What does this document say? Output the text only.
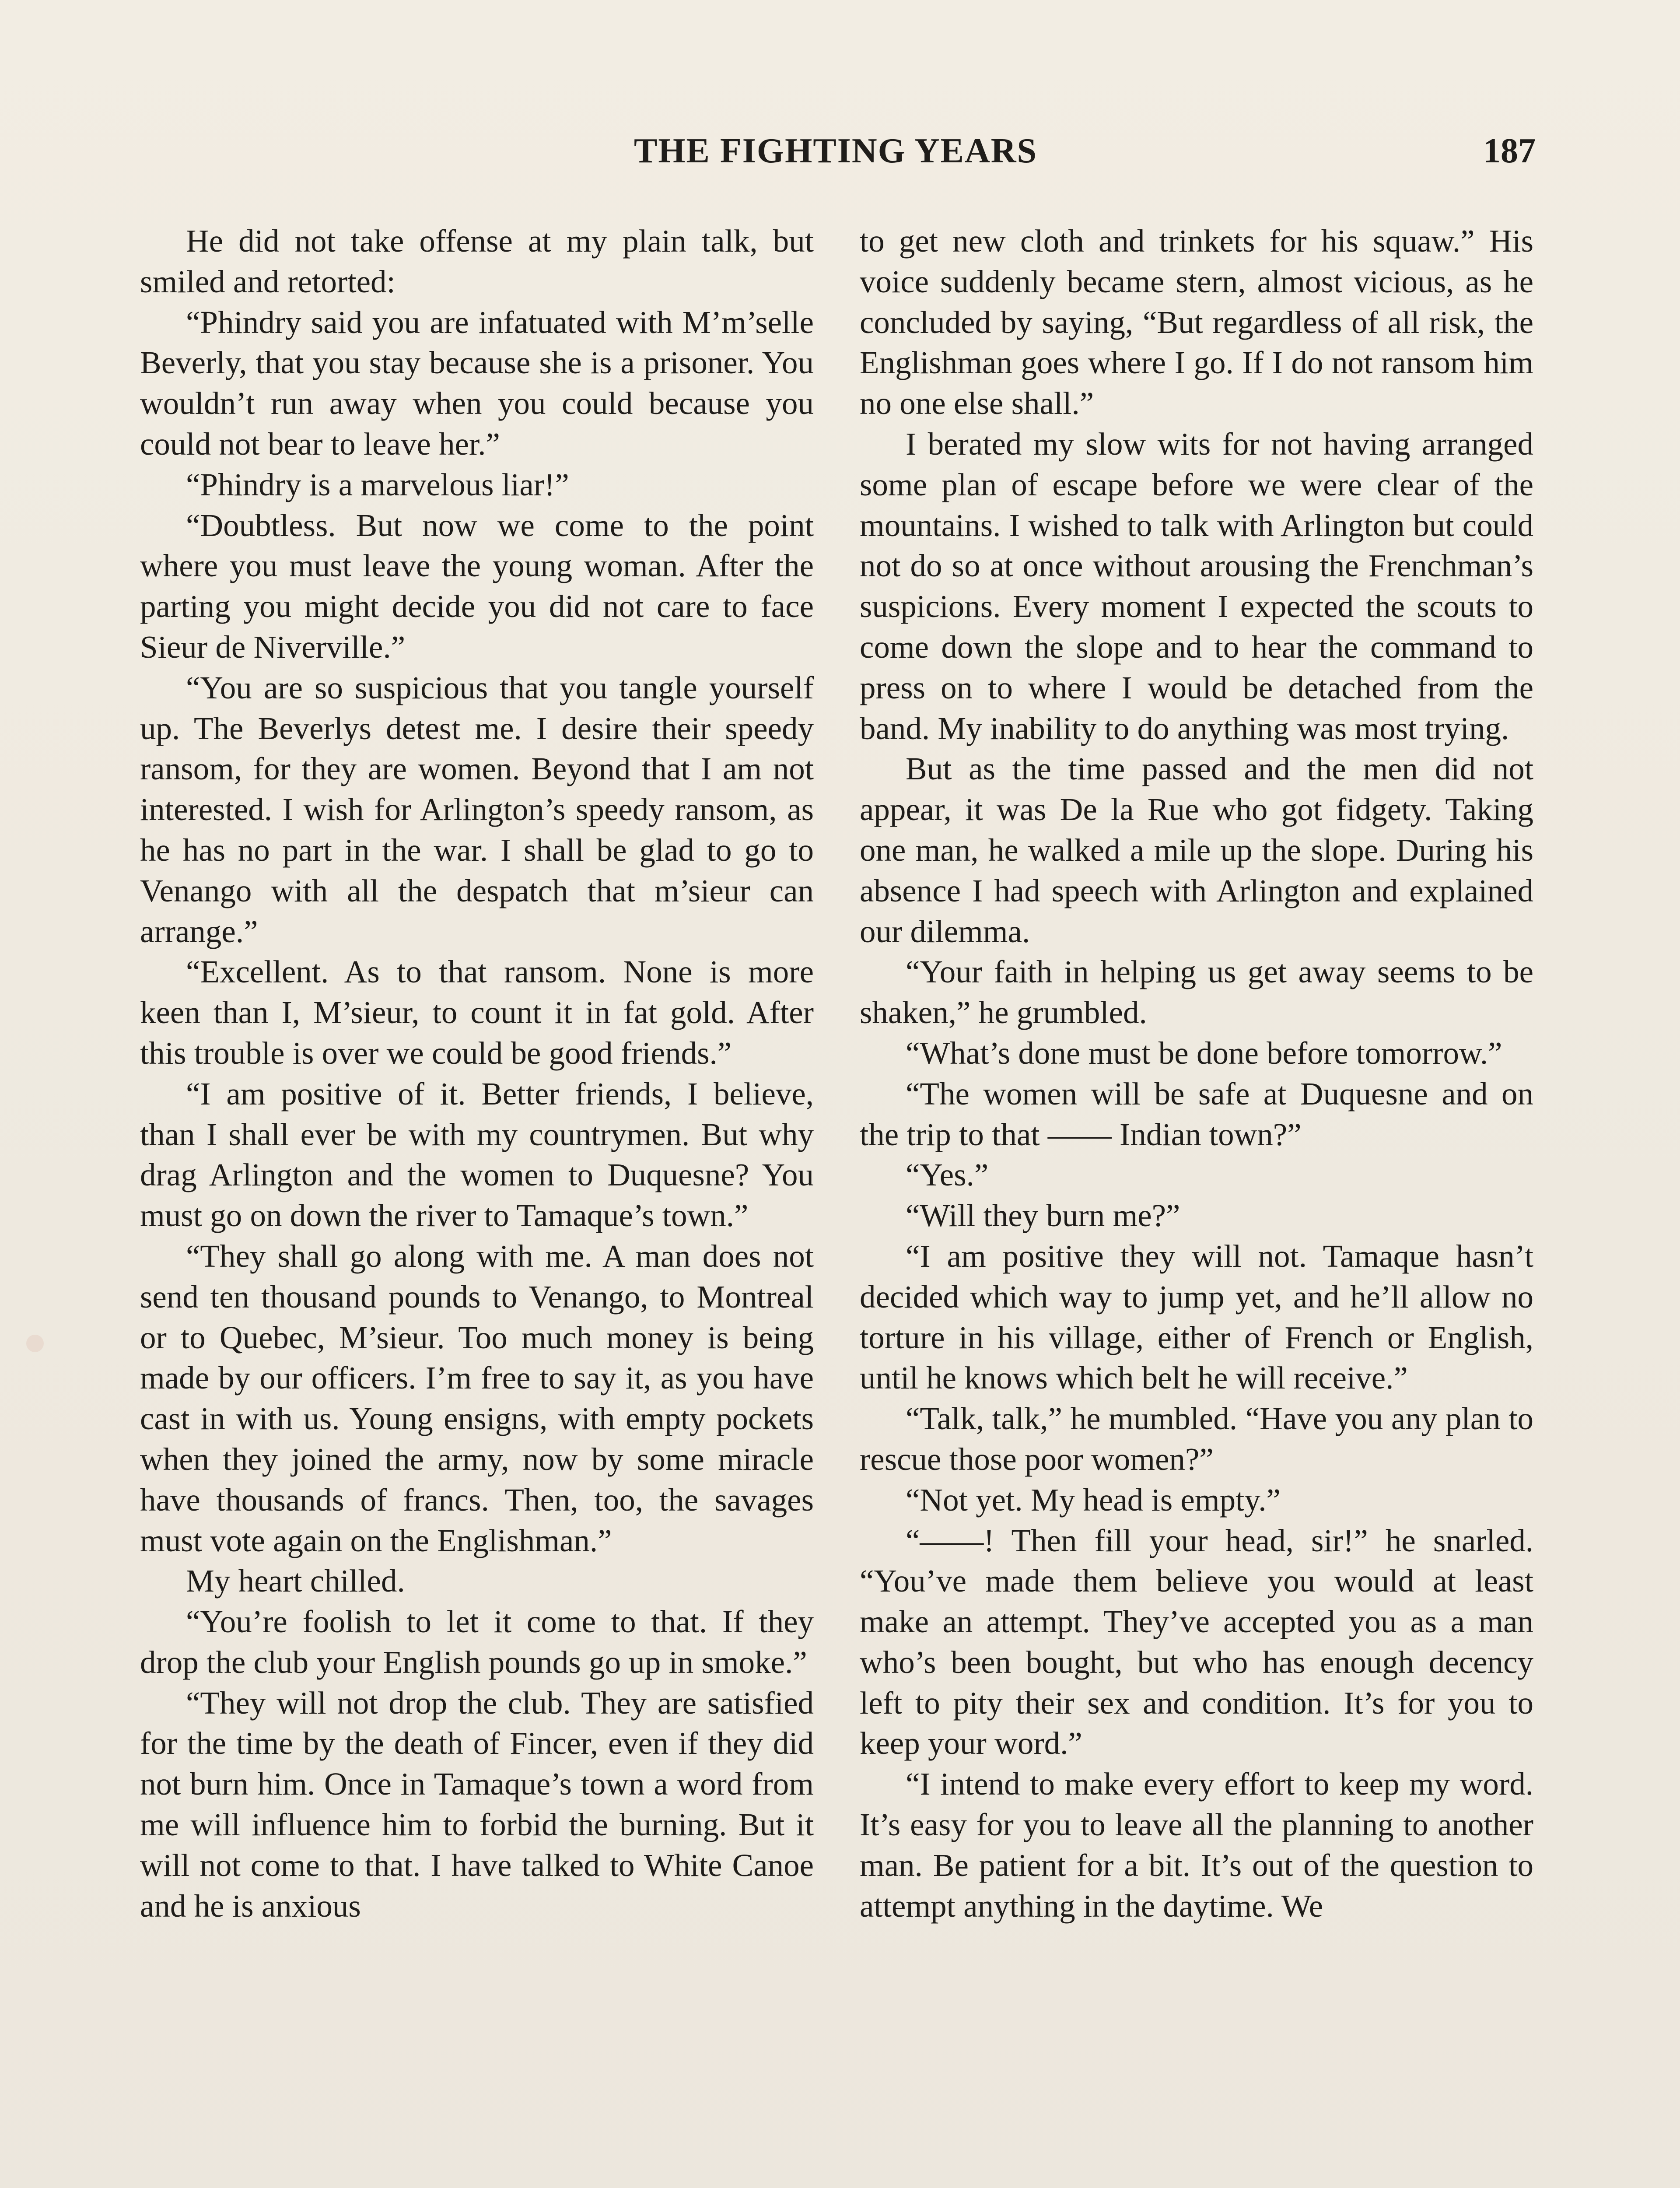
THE FIGHTING YEARS	187

He did not take offense at my plain talk, but smiled and retorted:

“Phindry said you are infatuated with M’m’selle Beverly, that you stay because she is a prisoner. You wouldn’t run away when you could because you could not bear to leave her.”

“Phindry is a marvelous liar!”

“Doubtless. But now we come to the point where you must leave the young woman. After the parting you might decide you did not care to face Sieur de Niverville.”

“You are so suspicious that you tangle yourself up. The Beverlys detest me. I desire their speedy ransom, for they are women. Beyond that I am not interested. I wish for Arlington’s speedy ransom, as he has no part in the war. I shall be glad to go to Venango with all the despatch that m’sieur can arrange.”

“Excellent. As to that ransom. None is more keen than I, M’sieur, to count it in fat gold. After this trouble is over we could be good friends.”

“I am positive of it. Better friends, I believe, than I shall ever be with my countrymen. But why drag Arlington and the women to Duquesne? You must go on down the river to Tamaque’s town.”

“They shall go along with me. A man does not send ten thousand pounds to Venango, to Montreal or to Quebec, M’sieur. Too much money is being made by our officers. I’m free to say it, as you have cast in with us. Young ensigns, with empty pockets when they joined the army, now by some miracle have thousands of francs. Then, too, the savages must vote again on the Englishman.”

My heart chilled.

“You’re foolish to let it come to that. If they drop the club your English pounds go up in smoke.”

“They will not drop the club. They are satisfied for the time by the death of Fincer, even if they did not burn him. Once in Tamaque’s town a word from me will influence him to forbid the burning. But it will not come to that. I have talked to White Canoe and he is anxious

to get new cloth and trinkets for his squaw.” His voice suddenly became stern, almost vicious, as he concluded by saying, “But regardless of all risk, the Englishman goes where I go. If I do not ransom him no one else shall.”

I berated my slow wits for not having arranged some plan of escape before we were clear of the mountains. I wished to talk with Arlington but could not do so at once without arousing the Frenchman’s suspicions. Every moment I expected the scouts to come down the slope and to hear the command to press on to where I would be detached from the band. My inability to do anything was most trying.

But as the time passed and the men did not appear, it was De la Rue who got fidgety. Taking one man, he walked a mile up the slope. During his absence I had speech with Arlington and explained our dilemma.

“Your faith in helping us get away seems to be shaken,” he grumbled.

“What’s done must be done before tomorrow.”

“The women will be safe at Duquesne and on the trip to that —— Indian town?”

“Yes.”

“Will they burn me?”

“I am positive they will not. Tamaque hasn’t decided which way to jump yet, and he’ll allow no torture in his village, either of French or English, until he knows which belt he will receive.”

“Talk, talk,” he mumbled. “Have you any plan to rescue those poor women?”

“Not yet. My head is empty.”

“——! Then fill your head, sir!” he snarled. “You’ve made them believe you would at least make an attempt. They’ve accepted you as a man who’s been bought, but who has enough decency left to pity their sex and condition. It’s for you to keep your word.”

“I intend to make every effort to keep my word. It’s easy for you to leave all the planning to another man. Be patient for a bit. It’s out of the question to attempt anything in the daytime. We
